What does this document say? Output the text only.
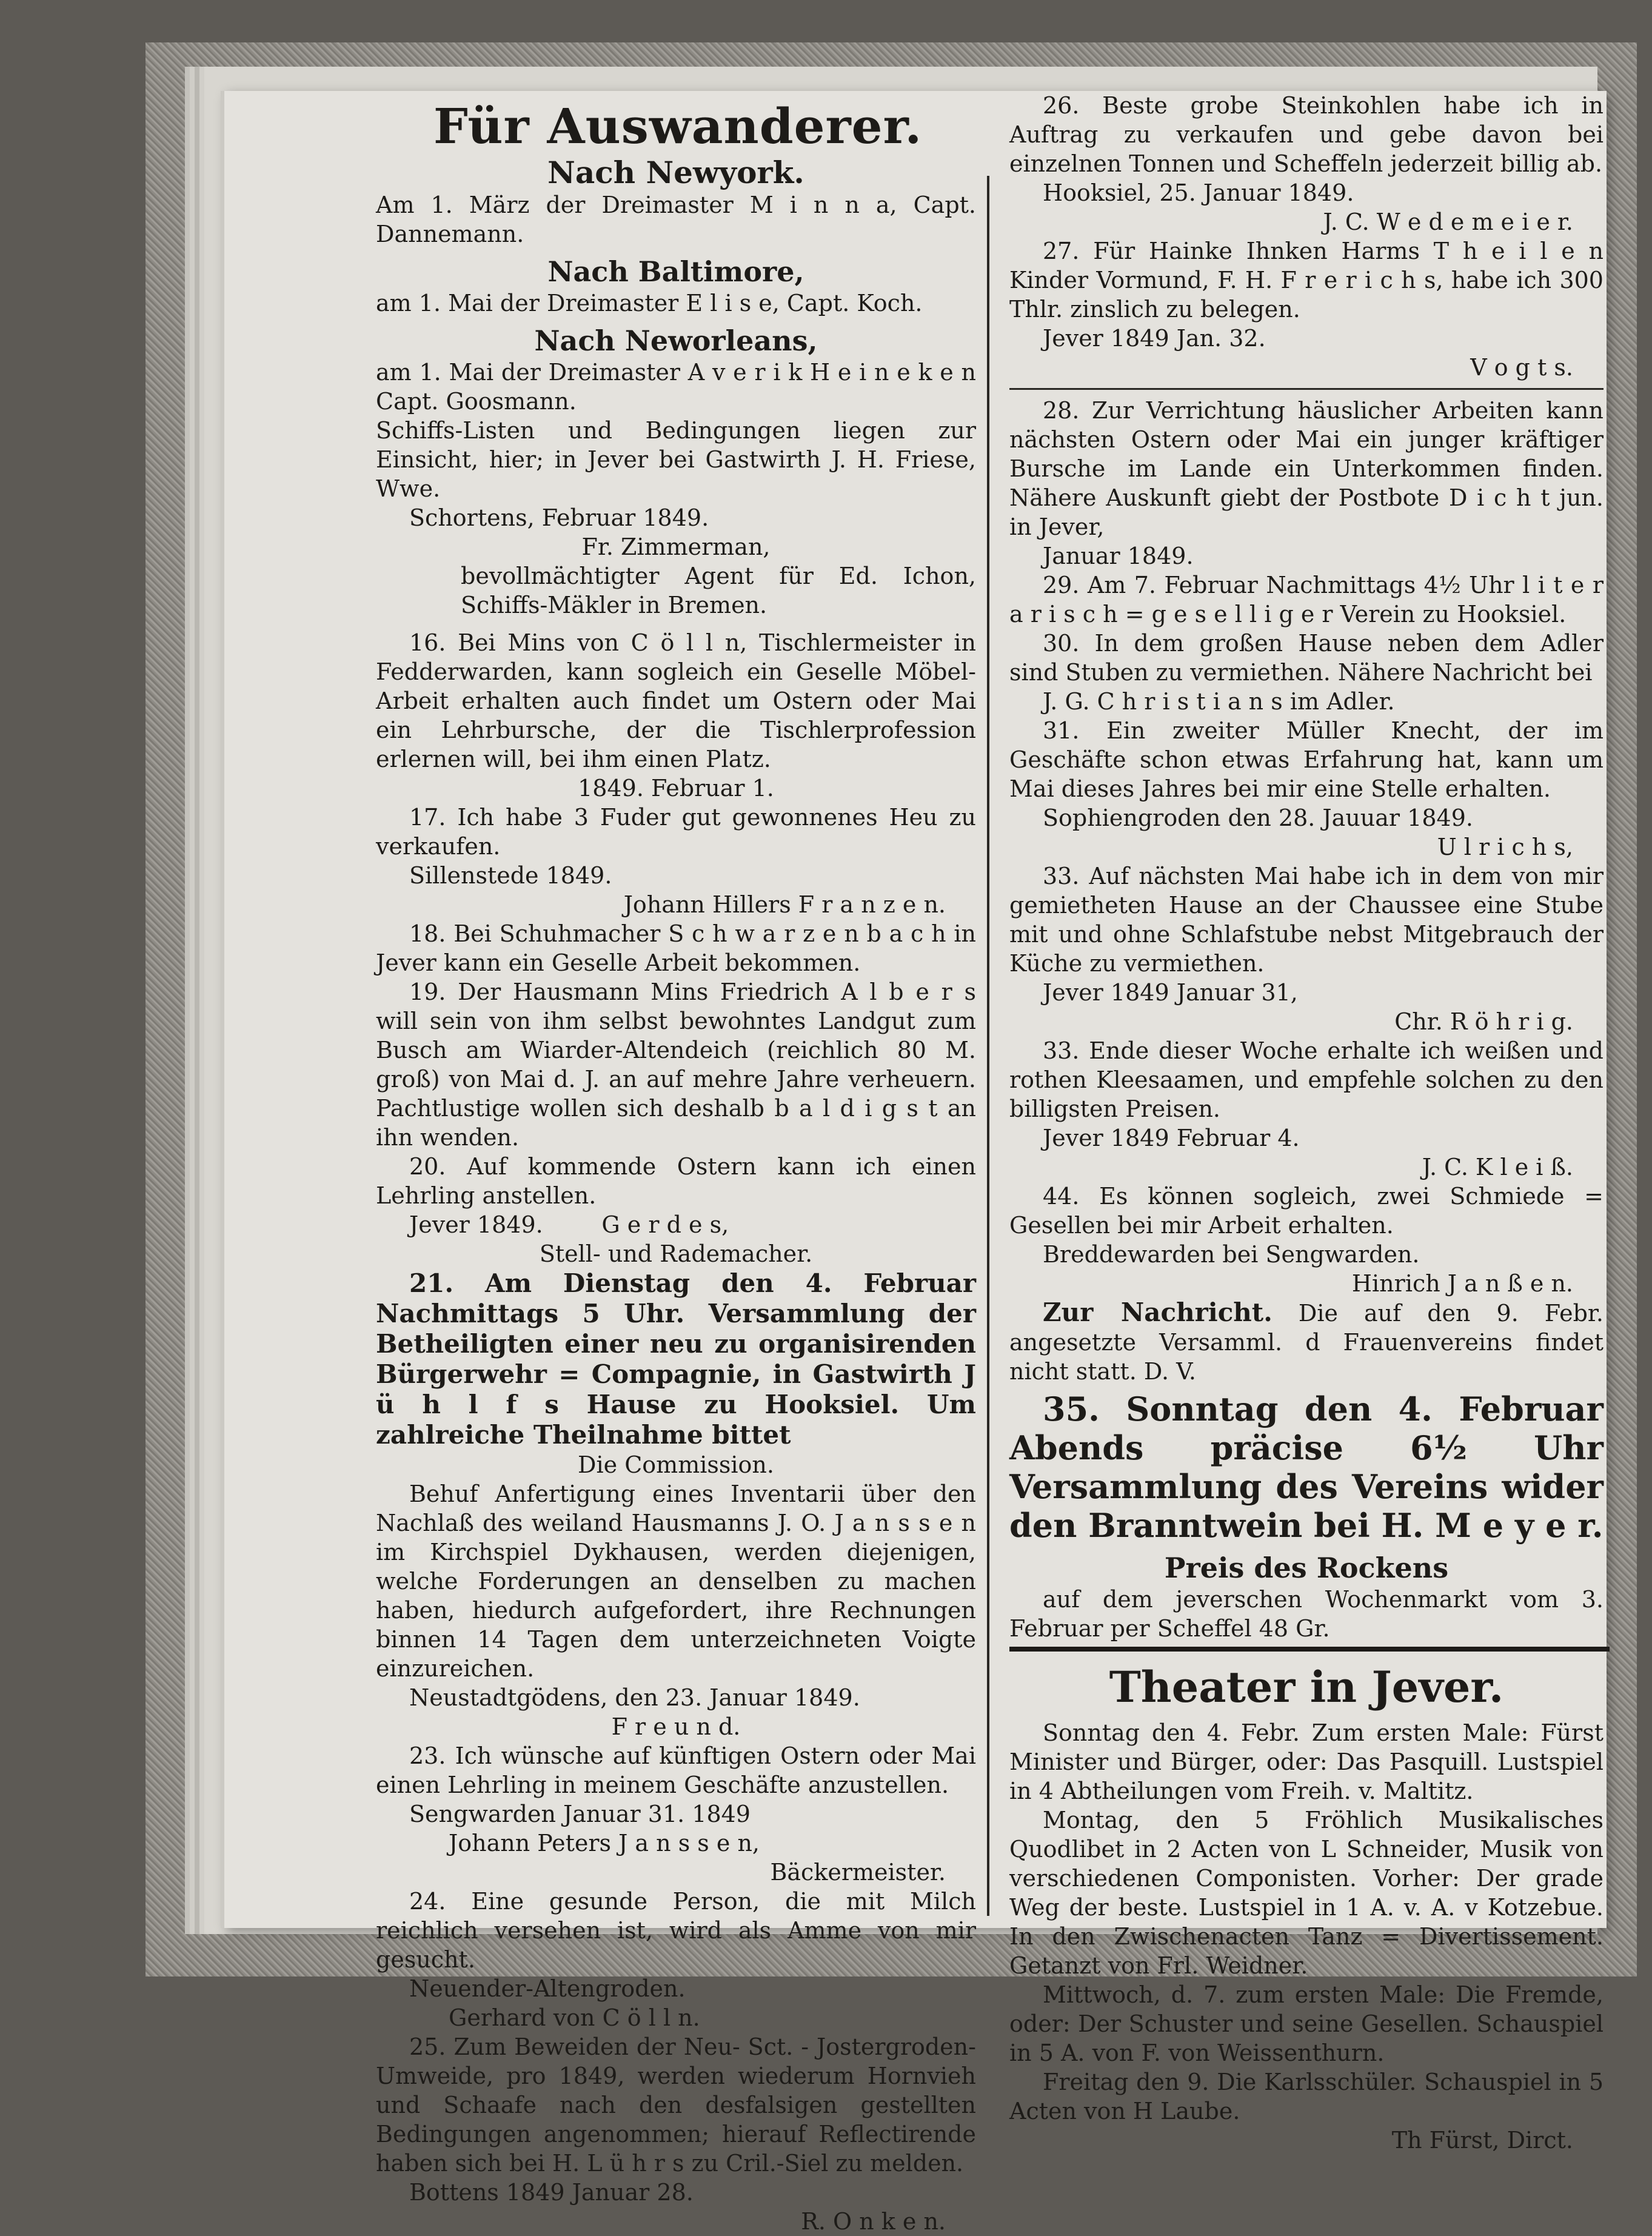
Für Auswanderer.

Nach Newyork.

Am 1. März der Dreimaster M i n n a, Capt. Dannemann.

Nach Baltimore,

am 1. Mai der Dreimaster E l i s e, Capt. Koch.

Nach Neworleans,

am 1. Mai der Dreimaster A v e r i k H e i n e k e n Capt. Goosmann.

Schiffs-Listen und Bedingungen liegen zur Einsicht, hier; in Jever bei Gastwirth J. H. Friese, Wwe.

Schortens, Februar 1849.

Fr. Zimmerman,

bevollmächtigter Agent für Ed. Ichon, Schiffs-Mäkler in Bremen.

16. Bei Mins von C ö l l n, Tischlermeister in Fedderwarden, kann sogleich ein Geselle Möbel-Arbeit erhalten auch findet um Ostern oder Mai ein Lehrbursche, der die Tischlerprofession erlernen will, bei ihm einen Platz.

1849. Februar 1.

17. Ich habe 3 Fuder gut gewonnenes Heu zu verkaufen.

Sillenstede 1849.

Johann Hillers F r a n z e n.

18. Bei Schuhmacher S c h w a r z e n b a c h in Jever kann ein Geselle Arbeit bekommen.

19. Der Hausmann Mins Friedrich A l b e r s will sein von ihm selbst bewohntes Landgut zum Busch am Wiarder-Altendeich (reichlich 80 M. groß) von Mai d. J. an auf mehre Jahre verheuern. Pachtlustige wollen sich deshalb b a l d i g s t an ihn wenden.

20. Auf kommende Ostern kann ich einen Lehrling anstellen.

Jever 1849.	G e r d e s,

Stell- und Rademacher.

21. Am Dienstag den 4. Februar Nachmittags 5 Uhr. Versammlung der Betheiligten einer neu zu organisirenden Bürgerwehr = Compagnie, in Gastwirth J ü h l f s Hause zu Hooksiel. Um zahlreiche Theilnahme bittet

Die Commission.

Behuf Anfertigung eines Inventarii über den Nachlaß des weiland Hausmanns J. O. J a n s s e n im Kirchspiel Dykhausen, werden diejenigen, welche Forderungen an denselben zu machen haben, hiedurch aufgefordert, ihre Rechnungen binnen 14 Tagen dem unterzeichneten Voigte einzureichen.

Neustadtgödens, den 23. Januar 1849.

F r e u n d.

23. Ich wünsche auf künftigen Ostern oder Mai einen Lehrling in meinem Geschäfte anzustellen.

Sengwarden Januar 31. 1849

Johann Peters J a n s s e n,

Bäckermeister.

24. Eine gesunde Person, die mit Milch reichlich versehen ist, wird als Amme von mir gesucht.

Neuender-Altengroden.

Gerhard von C ö l l n.

25. Zum Beweiden der Neu- Sct. - Jostergroden-Umweide, pro 1849, werden wiederum Hornvieh und Schaafe nach den desfalsigen gestellten Bedingungen angenommen; hierauf Reflectirende haben sich bei H. L ü h r s zu Cril.-Siel zu melden.

Bottens 1849 Januar 28.

R. O n k e n.

26. Beste grobe Steinkohlen habe ich in Auftrag zu verkaufen und gebe davon bei einzelnen Tonnen und Scheffeln jederzeit billig ab.

Hooksiel, 25. Januar 1849.

J. C. W e d e m e i e r.

27. Für Hainke Ihnken Harms T h e i l e n Kinder Vormund, F. H. F r e r i c h s, habe ich 300 Thlr. zinslich zu belegen.

Jever 1849 Jan. 32.

V o g t s.

28. Zur Verrichtung häuslicher Arbeiten kann nächsten Ostern oder Mai ein junger kräftiger Bursche im Lande ein Unterkommen finden. Nähere Auskunft giebt der Postbote D i c h t jun. in Jever,

Januar 1849.

29. Am 7. Februar Nachmittags 4½ Uhr l i t e r a r i s c h = g e s e l l i g e r Verein zu Hooksiel.

30. In dem großen Hause neben dem Adler sind Stuben zu vermiethen. Nähere Nachricht bei

J. G. C h r i s t i a n s im Adler.

31. Ein zweiter Müller Knecht, der im Geschäfte schon etwas Erfahrung hat, kann um Mai dieses Jahres bei mir eine Stelle erhalten.

Sophiengroden den 28. Jauuar 1849.

U l r i c h s,

33. Auf nächsten Mai habe ich in dem von mir gemietheten Hause an der Chaussee eine Stube mit und ohne Schlafstube nebst Mitgebrauch der Küche zu vermiethen.

Jever 1849 Januar 31,

Chr. R ö h r i g.

33. Ende dieser Woche erhalte ich weißen und rothen Kleesaamen, und empfehle solchen zu den billigsten Preisen.

Jever 1849 Februar 4.

J. C. K l e i ß.

44. Es können sogleich, zwei Schmiede = Gesellen bei mir Arbeit erhalten.

Breddewarden bei Sengwarden.

Hinrich J a n ß e n.

Zur Nachricht. Die auf den 9. Febr. angesetzte Versamml. d Frauenvereins findet nicht statt. D. V.

35. Sonntag den 4. Februar Abends präcise 6½ Uhr Versammlung des Vereins wider den Branntwein bei H. M e y e r.

Preis des Rockens

auf dem jeverschen Wochenmarkt vom 3. Februar per Scheffel 48 Gr.

Theater in Jever.

Sonntag den 4. Febr. Zum ersten Male: Fürst Minister und Bürger, oder: Das Pasquill. Lustspiel in 4 Abtheilungen vom Freih. v. Maltitz.

Montag, den 5 Fröhlich Musikalisches Quodlibet in 2 Acten von L Schneider, Musik von verschiedenen Componisten. Vorher: Der grade Weg der beste. Lustspiel in 1 A. v. A. v Kotzebue. In den Zwischenacten Tanz = Divertissement. Getanzt von Frl. Weidner.

Mittwoch, d. 7. zum ersten Male: Die Fremde, oder: Der Schuster und seine Gesellen. Schauspiel in 5 A. von F. von Weissenthurn.

Freitag den 9. Die Karlsschüler. Schauspiel in 5 Acten von H Laube.

Th Fürst, Dirct.
